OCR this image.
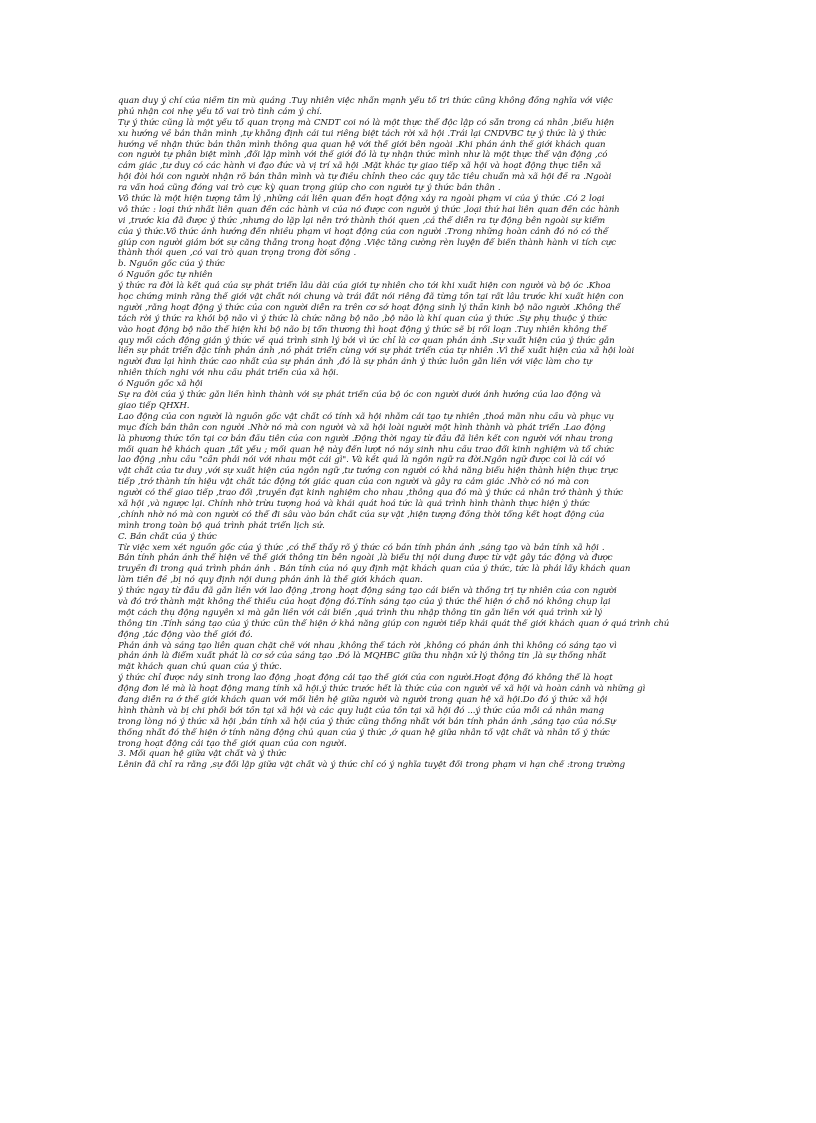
quan duy ý chí của niềm tin mù quáng .Tuy nhiên việc nhấn mạnh yếu tố tri thức cũng không đồng nghĩa với việc
phủ nhận coi nhẹ yếu tố vai trò tình cảm ý chí.
Tự ý thức cũng là một yếu tố quan trọng mà CNDT coi nó là một thực thể độc lập có sẵn trong cá nhân ,biểu hiện
xu hướng về bản thân mình ,tự khẳng định cái tui riêng biệt tách rời xã hội .Trái lại CNDVBC tự ý thức là ý thức
hướng về nhận thức bản thân mình thông qua quan hệ với thế giới bên ngoài .Khi phản ánh thế giới khách quan
con người tự phân biệt mình ,đối lập mình với thế giới đó là tự nhận thức mình như là một thực thể vận động ,có
cảm giác ,tư duy có các hành vi đạo đức và vị trí xã hội .Mặt khác tự giao tiếp xã hội và hoạt động thực tiễn xã
hội đòi hỏi con người nhận rõ bản thân mình và tự điều chỉnh theo các quy tắc tiêu chuẩn mà xã hội đề ra .Ngoài
ra vấn hoá cũng đóng vai trò cực kỳ quan trọng giúp cho con người tự ý thức bản thân .
Vô thức là một hiện tượng tâm lý ,những cái liên quan đến hoạt động xảy ra ngoài phạm vi của ý thức .Có 2 loại
vô thức : loại thứ nhất liên quan đến các hành vi của nó được con người ý thức ,loại thứ hai liên quan đến các hành
vi ,trước kia đã được ý thức ,nhưng do lặp lại nên trở thành thói quen ,cá thể diễn ra tự động bên ngoài sự kiểm
của ý thức.Vô thức ảnh hưởng đến nhiều phạm vi hoạt động của con người .Trong những hoàn cảnh đó nó có thể
giúp con người giảm bớt sự căng thẳng trong hoạt động .Việc tăng cường rèn luyện để biến thành hành vi tích cực
thành thói quen ,có vai trò quan trọng trong đời sống .
b. Nguồn gốc của ý thức
ó Nguồn gốc tự nhiên
ý thức ra đời là kết quả của sự phát triển lâu dài của giới tự nhiên cho tới khi xuất hiện con người và bộ óc .Khoa
học chứng minh rằng thế giới vật chất nói chung và trái đất nói riêng đã từng tồn tại rất lâu trước khi xuất hiện con
người ,rằng hoạt động ý thức của con người diễn ra trên cơ sở hoạt động sinh lý thần kinh bộ não người .Không thể
tách rời ý thức ra khỏi bộ não vì ý thức là chức năng bộ não ,bộ não là khí quan của ý thức .Sự phụ thuộc ý thức
vào hoạt động bộ não thể hiện khi bộ não bị tổn thương thì hoạt động ý thức sẽ bị rối loạn .Tuy nhiên không thể
quy mối cách động giản ý thức về quá trình sinh lý bởi vì ức chỉ là cơ quan phản ánh .Sự xuất hiện của ý thức gắn
liền sự phát triển đặc tính phản ánh ,nó phát triển cùng với sự phát triển của tự nhiên .Vì thế xuất hiện của xã hội loài
người đưa lại hình thức cao nhất của sự phản ánh ,đó là sự phản ánh ý thức luôn gắn liền với việc làm cho tự
nhiên thích nghi với nhu cầu phát triển của xã hội.
ó Nguồn gốc xã hội
Sự ra đời của ý thức gắn liền hình thành với sự phát triển của bộ óc con người dưới ảnh hưởng của lao động và
giao tiếp QHXH.
Lao động của con người là nguồn gốc vật chất có tính xã hội nhằm cải tạo tự nhiên ,thoả mãn nhu cầu và phục vụ
mục đích bản thân con người .Nhờ nó mà con người và xã hội loài người một hình thành và phát triển .Lao động
là phương thức tồn tại cơ bản đầu tiên của con người .Động thời ngay từ đầu đã liên kết con người với nhau trong
mối quan hệ khách quan ,tất yếu ; mối quan hệ này đến lượt nó nảy sinh nhu cầu trao đổi kinh nghiệm và tổ chức
lao động ,nhu cầu "cần phải nói với nhau một cái gì". Và kết quả là ngôn ngữ ra đời.Ngôn ngữ được coi là cái vỏ
vật chất của tư duy ,với sự xuất hiện của ngôn ngữ ,tư tưởng con người có khả năng biểu hiện thành hiện thực trực
tiếp ,trở thành tín hiệu vật chất tác động tới giác quan của con người và gây ra cảm giác .Nhờ có nó mà con
người có thể giao tiếp ,trao đổi ,truyền đạt kinh nghiệm cho nhau ,thông qua đó mà ý thức cá nhân trở thành ý thức
xã hội ,và ngược lại. Chính nhờ trừu tượng hoá và khái quát hoá tức là quá trình hình thành thực hiện ý thức
,chính nhờ nó mà con người có thể đi sâu vào bản chất của sự vật ,hiện tượng đồng thời tổng kết hoạt động của
mình trong toàn bộ quá trình phát triển lịch sử.
C. Bản chất của ý thức
Từ việc xem xét nguồn gốc của ý thức ,có thể thấy rõ ý thức có bản tính phản ánh ,sáng tạo và bản tính xã hội .
Bản tính phản ánh thể hiện về thế giới thông tin bên ngoài ,là biểu thị nội dung được từ vật gây tác động và được
truyền đi trong quá trình phản ánh . Bản tính của nó quy định mặt khách quan của ý thức, tức là phải lấy khách quan
làm tiền đề ,bị nó quy định nội dung phản ánh là thế giới khách quan.
ý thức ngay từ đầu đã gắn liền với lao động ,trong hoạt động sáng tạo cải biến và thống trị tự nhiên của con người
và đó trở thành mặt không thể thiếu của hoạt động đó.Tính sáng tạo của ý thức thể hiện ở chỗ nó không chụp lại
một cách thụ động nguyên xi mà gắn liền với cải biến ,quá trình thu nhập thông tin gắn liền với quá trình xử lý
thông tin .Tính sáng tạo của ý thức cũn thể hiện ở khả năng giúp con người tiếp khái quát thế giới khách quan ở quá trình chủ
động ,tác động vào thế giới đó.
Phản ánh và sáng tạo liên quan chặt chẽ với nhau ,không thể tách rời ,không có phản ánh thì không có sáng tạo vì
phản ánh là điểm xuất phát là cơ sở của sáng tạo .Đó là MQHBC giữa thu nhận xử lý thông tin ,là sự thống nhất
mặt khách quan chủ quan của ý thức.
ý thức chỉ được nảy sinh trong lao động ,hoạt động cải tạo thế giới của con người.Hoạt động đó không thể là hoạt
động đơn lẻ mà là hoạt động mang tính xã hội.ý thức trước hết là thức của con người về xã hội và hoàn cảnh và những gì
đang diễn ra ở thế giới khách quan với mối liên hệ giữa người và người trong quan hệ xã hội.Do đó ý thức xã hội
hình thành và bị chi phối bởi tồn tại xã hội và các quy luật của tồn tại xã hội đó ...ý thức của mỗi cá nhân mang
trong lòng nó ý thức xã hội ,bản tính xã hội của ý thức cũng thống nhất với bản tính phản ánh ,sáng tạo của nó.Sự
thống nhất đó thể hiện ở tính năng động chủ quan của ý thức ,ở quan hệ giữa nhân tố vật chất và nhân tố ý thức
trong hoạt động cải tạo thế giới quan của con người.
3. Mối quan hệ giữa vật chất và ý thức
Lênin đã chỉ ra rằng ,sự đối lập giữa vật chất và ý thức chỉ có ý nghĩa tuyệt đối trong phạm vi hạn chế :trong trường
